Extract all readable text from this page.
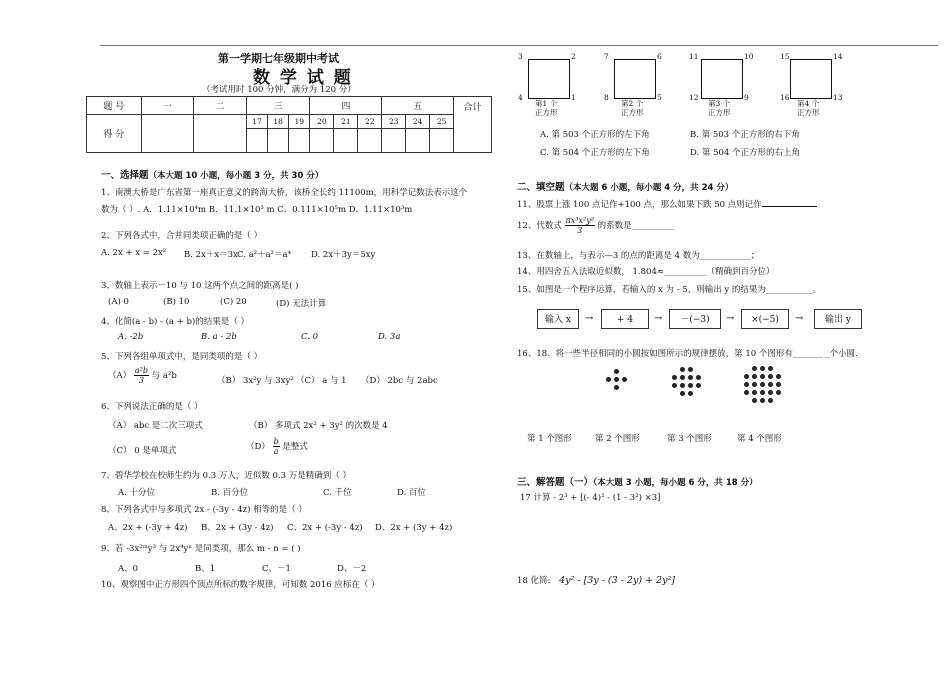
第一学期七年级期中考试
数 学 试 题
（考试用时 100 分钟，满分为 120 分）
题 号	一	二	三			四			五			合计
得 分			17	18	19	20	21	22	23	24	25	

一、选择题（本大题 10 小题，每小题 3 分，共 30 分）
1、南澳大桥是广东省第一座真正意义的跨海大桥，该桥全长约 11100m，用科学记数法表示这个
数为（ ）. A．1.11×10⁴m B．11.1×10³ m C．0.111×10⁵m D．1.11×10³m
2、下列各式中，合并同类项正确的是（ ）
A. 2x + x = 2x² B. 2x＋x＝3x C. a²＋a²＝a⁴ D. 2x＋3y＝5xy
3、数轴上表示－10 与 10 这两个点之间的距离是( )
(A) 0	(B) 10	(C) 20	(D) 无法计算
4、化简(a - b) - (a + b)的结果是（ ）
A. -2b	B. a - 2b	C. 0	D. 3a
5、下列各组单项式中，是同类项的是（ ）
$(A) \frac{\text{a²b}}{3}$ 与 a²b	（B） 3x²y 与 3xy² （C） a 与 1 （D） 2bc 与 2abc
6、下列说法正确的是（ ）
（A） abc 是二次三项式	（B） 多项式 2x² + 3y² 的次数是 4
（C） 0 是单项式	$(D) \frac{b}{a}$ 是整式
7、碧华学校在校师生约为 0.3 万人，近似数 0.3 万是精确到（ ）
A. 十分位	B. 百分位	C. 千位	D. 百位
8、下列各式中与多项式 2x - (-3y - 4z) 相等的是（ ）
A、2x + (-3y + 4z) B、2x + (3y - 4z) C、2x + (-3y - 4z) D、2x + (3y + 4z)
9、若 -3x²ᵐy³ 与 2x⁴yⁿ 是同类项，那么 m - n = ( )
A、0	B、1	C、－1	D、－2
10、观察图中正方形四个顶点所标的数字规律，可知数 2016 应标在（ ）
3	2
4	1
第1 个
正方形
7	6
8	5
第2 个
正方形
11	10
12	9
第3 个
正方形
15	14
16	13
第4 个
正方形
A. 第 503 个正方形的左下角	B. 第 503 个正方形的右下角
C. 第 504 个正方形的左下角	D. 第 504 个正方形的右上角
二、填空题（本大题 6 小题，每小题 4 分，共 24 分）
11、股票上涨 100 点记作+100 点，那么如果下跌 50 点则记作
12、代数式 $\frac{\text{πx³x²y²}}{3}$ 的系数是__________
13、在数轴上，与表示—3 的点的距离是 4 数为____________；
14、用四舍五入法取近似数， 1.804≈__________（精确到百分位）
15、如图是一个程序运算，若输入的 x 为 - 5，则输出 y 的结果为___________。
输入 x	→	+ 4	→	－(−3)	→	×(−5)	→	输出 y
16、18、将一些半径相同的小圆按如图所示的规律摆放，第 10 个图形有_______ _个小圆.
第 1 个图形	第 2 个图形	第 3 个图形	第 4 个图形
三、解答题（一）（本大题 3 小题，每小题 6 分，共 18 分）
17 计算 - 2³ + [(- 4)² - (1 - 3²) ×3]
18 化简: 4y² - [3y - (3 - 2y) + 2y²]
